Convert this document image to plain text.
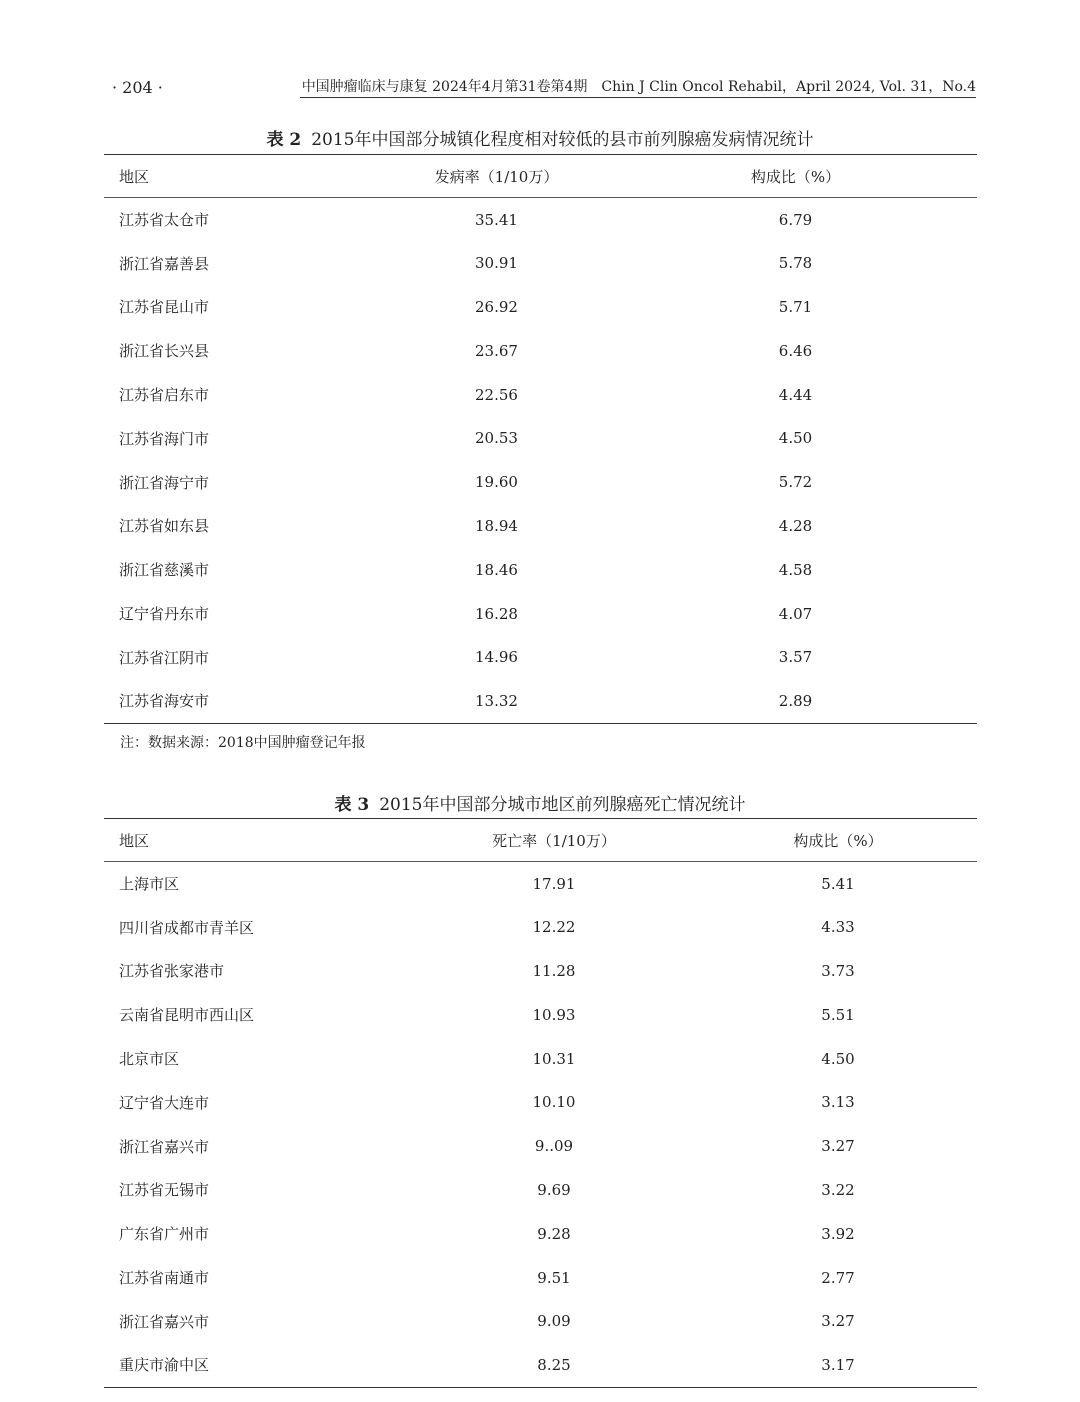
· 204 ·	中国肿瘤临床与康复 2024年4月第31卷第4期　Chin J Clin Oncol Rehabil，April 2024, Vol. 31，No.4
表 2 2015年中国部分城镇化程度相对较低的县市前列腺癌发病情况统计
地区	发病率（1/10万）	构成比（%）
江苏省太仓市	35.41	6.79
浙江省嘉善县	30.91	5.78
江苏省昆山市	26.92	5.71
浙江省长兴县	23.67	6.46
江苏省启东市	22.56	4.44
江苏省海门市	20.53	4.50
浙江省海宁市	19.60	5.72
江苏省如东县	18.94	4.28
浙江省慈溪市	18.46	4.58
辽宁省丹东市	16.28	4.07
江苏省江阴市	14.96	3.57
江苏省海安市	13.32	2.89
注：数据来源：2018中国肿瘤登记年报
表 3 2015年中国部分城市地区前列腺癌死亡情况统计
地区	死亡率（1/10万）	构成比（%）
上海市区	17.91	5.41
四川省成都市青羊区	12.22	4.33
江苏省张家港市	11.28	3.73
云南省昆明市西山区	10.93	5.51
北京市区	10.31	4.50
辽宁省大连市	10.10	3.13
浙江省嘉兴市	9..09	3.27
江苏省无锡市	9.69	3.22
广东省广州市	9.28	3.92
江苏省南通市	9.51	2.77
浙江省嘉兴市	9.09	3.27
重庆市渝中区	8.25	3.17
